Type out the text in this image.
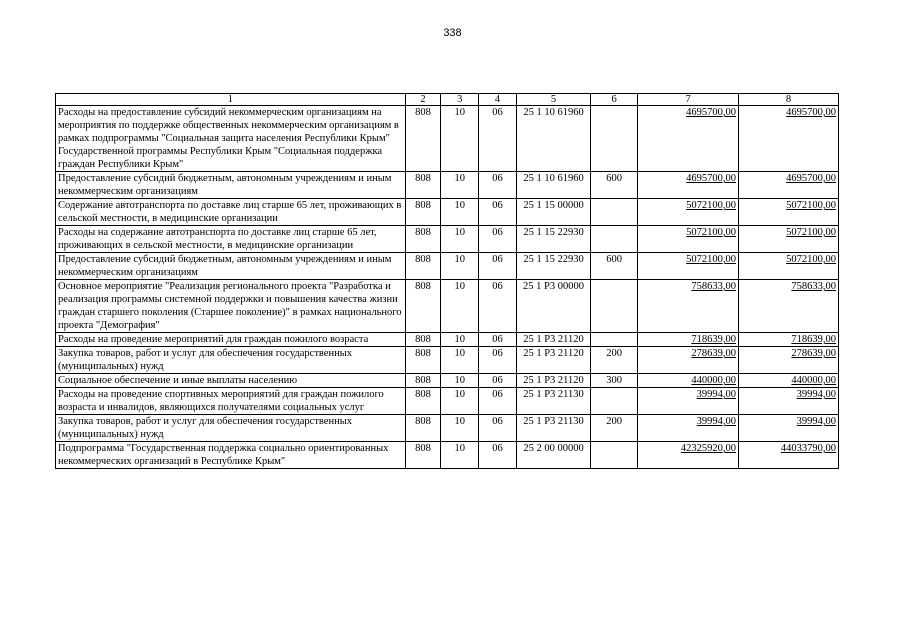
338
1	2	3	4	5	6	7	8
Расходы на предоставление субсидий некоммерческим организациям на мероприятия по поддержке общественных некоммерческим организациям в рамках подпрограммы "Социальная защита населения Республики Крым" Государственной программы Республики Крым "Социальная поддержка граждан Республики Крым"	808	10	06	25 1 10 61960		4695700,00	4695700,00
Предоставление субсидий бюджетным, автономным учреждениям и иным некоммерческим организациям	808	10	06	25 1 10 61960	600	4695700,00	4695700,00
Содержание автотранспорта по доставке лиц старше 65 лет, проживающих в сельской местности, в медицинские организации	808	10	06	25 1 15 00000		5072100,00	5072100,00
Расходы на содержание автотранспорта по доставке лиц старше 65 лет, проживающих в сельской местности, в медицинские организации	808	10	06	25 1 15 22930		5072100,00	5072100,00
Предоставление субсидий бюджетным, автономным учреждениям и иным некоммерческим организациям	808	10	06	25 1 15 22930	600	5072100,00	5072100,00
Основное мероприятие "Реализация регионального проекта "Разработка и реализация программы системной поддержки и повышения качества жизни граждан старшего поколения (Старшее поколение)" в рамках национального проекта "Демография"	808	10	06	25 1 P3 00000		758633,00	758633,00
Расходы на проведение мероприятий для граждан пожилого возраста	808	10	06	25 1 P3 21120		718639,00	718639,00
Закупка товаров, работ и услуг для обеспечения государственных (муниципальных) нужд	808	10	06	25 1 P3 21120	200	278639,00	278639,00
Социальное обеспечение и иные выплаты населению	808	10	06	25 1 P3 21120	300	440000,00	440000,00
Расходы на проведение спортивных мероприятий для граждан пожилого возраста и инвалидов, являющихся получателями социальных услуг	808	10	06	25 1 P3 21130		39994,00	39994,00
Закупка товаров, работ и услуг для обеспечения государственных (муниципальных) нужд	808	10	06	25 1 P3 21130	200	39994,00	39994,00
Подпрограмма "Государственная поддержка социально ориентированных некоммерческих организаций в Республике Крым"	808	10	06	25 2 00 00000		42325920,00	44033790,00
